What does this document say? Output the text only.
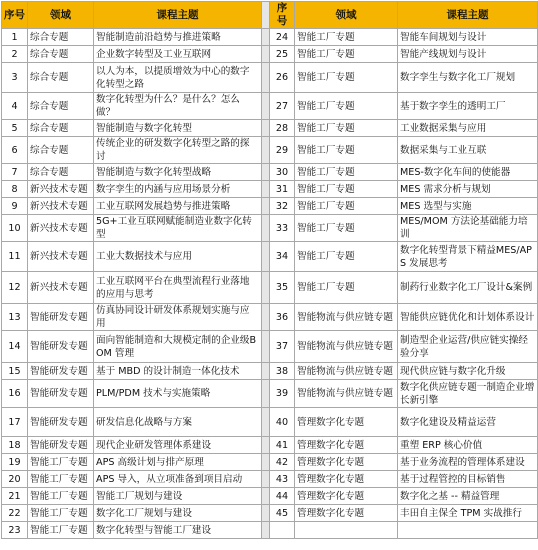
序号	领域	课程主题		序号	领域	课程主题
1	综合专题	智能制造前沿趋势与推进策略		24	智能工厂专题	智能车间规划与设计
2	综合专题	企业数字转型及工业互联网		25	智能工厂专题	智能产线规划与设计
3	综合专题	以人为本，以提质增效为中心的数字化转型之路		26	智能工厂专题	数字孪生与数字化工厂规划
4	综合专题	数字化转型为什么？是什么？怎么做？		27	智能工厂专题	基于数字孪生的透明工厂
5	综合专题	智能制造与数字化转型		28	智能工厂专题	工业数据采集与应用
6	综合专题	传统企业的研发数字化转型之路的探讨		29	智能工厂专题	数据采集与工业互联
7	综合专题	智能制造与数字化转型战略		30	智能工厂专题	MES-数字化车间的使能器
8	新兴技术专题	数字孪生的内涵与应用场景分析		31	智能工厂专题	MES 需求分析与规划
9	新兴技术专题	工业互联网发展趋势与推进策略		32	智能工厂专题	MES 选型与实施
10	新兴技术专题	5G+工业互联网赋能制造业数字化转型		33	智能工厂专题	MES/MOM 方法论基础能力培训
11	新兴技术专题	工业大数据技术与应用		34	智能工厂专题	数字化转型背景下精益MES/APS 发展思考
12	新兴技术专题	工业互联网平台在典型流程行业落地的应用与思考		35	智能工厂专题	制药行业数字化工厂设计&案例
13	智能研发专题	仿真协同设计研发体系规划实施与应用		36	智能物流与供应链专题	智能供应链优化和计划体系设计
14	智能研发专题	面向智能制造和大规模定制的企业级BOM 管理		37	智能物流与供应链专题	制造型企业运营/供应链实操经验分享
15	智能研发专题	基于 MBD 的设计制造一体化技术		38	智能物流与供应链专题	现代供应链与数字化升级
16	智能研发专题	PLM/PDM 技术与实施策略		39	智能物流与供应链专题	数字化供应链专题一制造企业增长新引擎
17	智能研发专题	研发信息化战略与方案		40	管理数字化专题	数字化建设及精益运营
18	智能研发专题	现代企业研发管理体系建设		41	管理数字化专题	重塑 ERP 核心价值
19	智能工厂专题	APS 高级计划与排产原理		42	管理数字化专题	基于业务流程的管理体系建设
20	智能工厂专题	APS 导入，从立项准备到项目启动		43	管理数字化专题	基于过程管控的目标销售
21	智能工厂专题	智能工厂规划与建设		44	管理数字化专题	数字化之基 -- 精益管理
22	智能工厂专题	数字化工厂规划与建设		45	管理数字化专题	丰田自主保全 TPM 实战推行
23	智能工厂专题	数字化转型与智能工厂建设				
